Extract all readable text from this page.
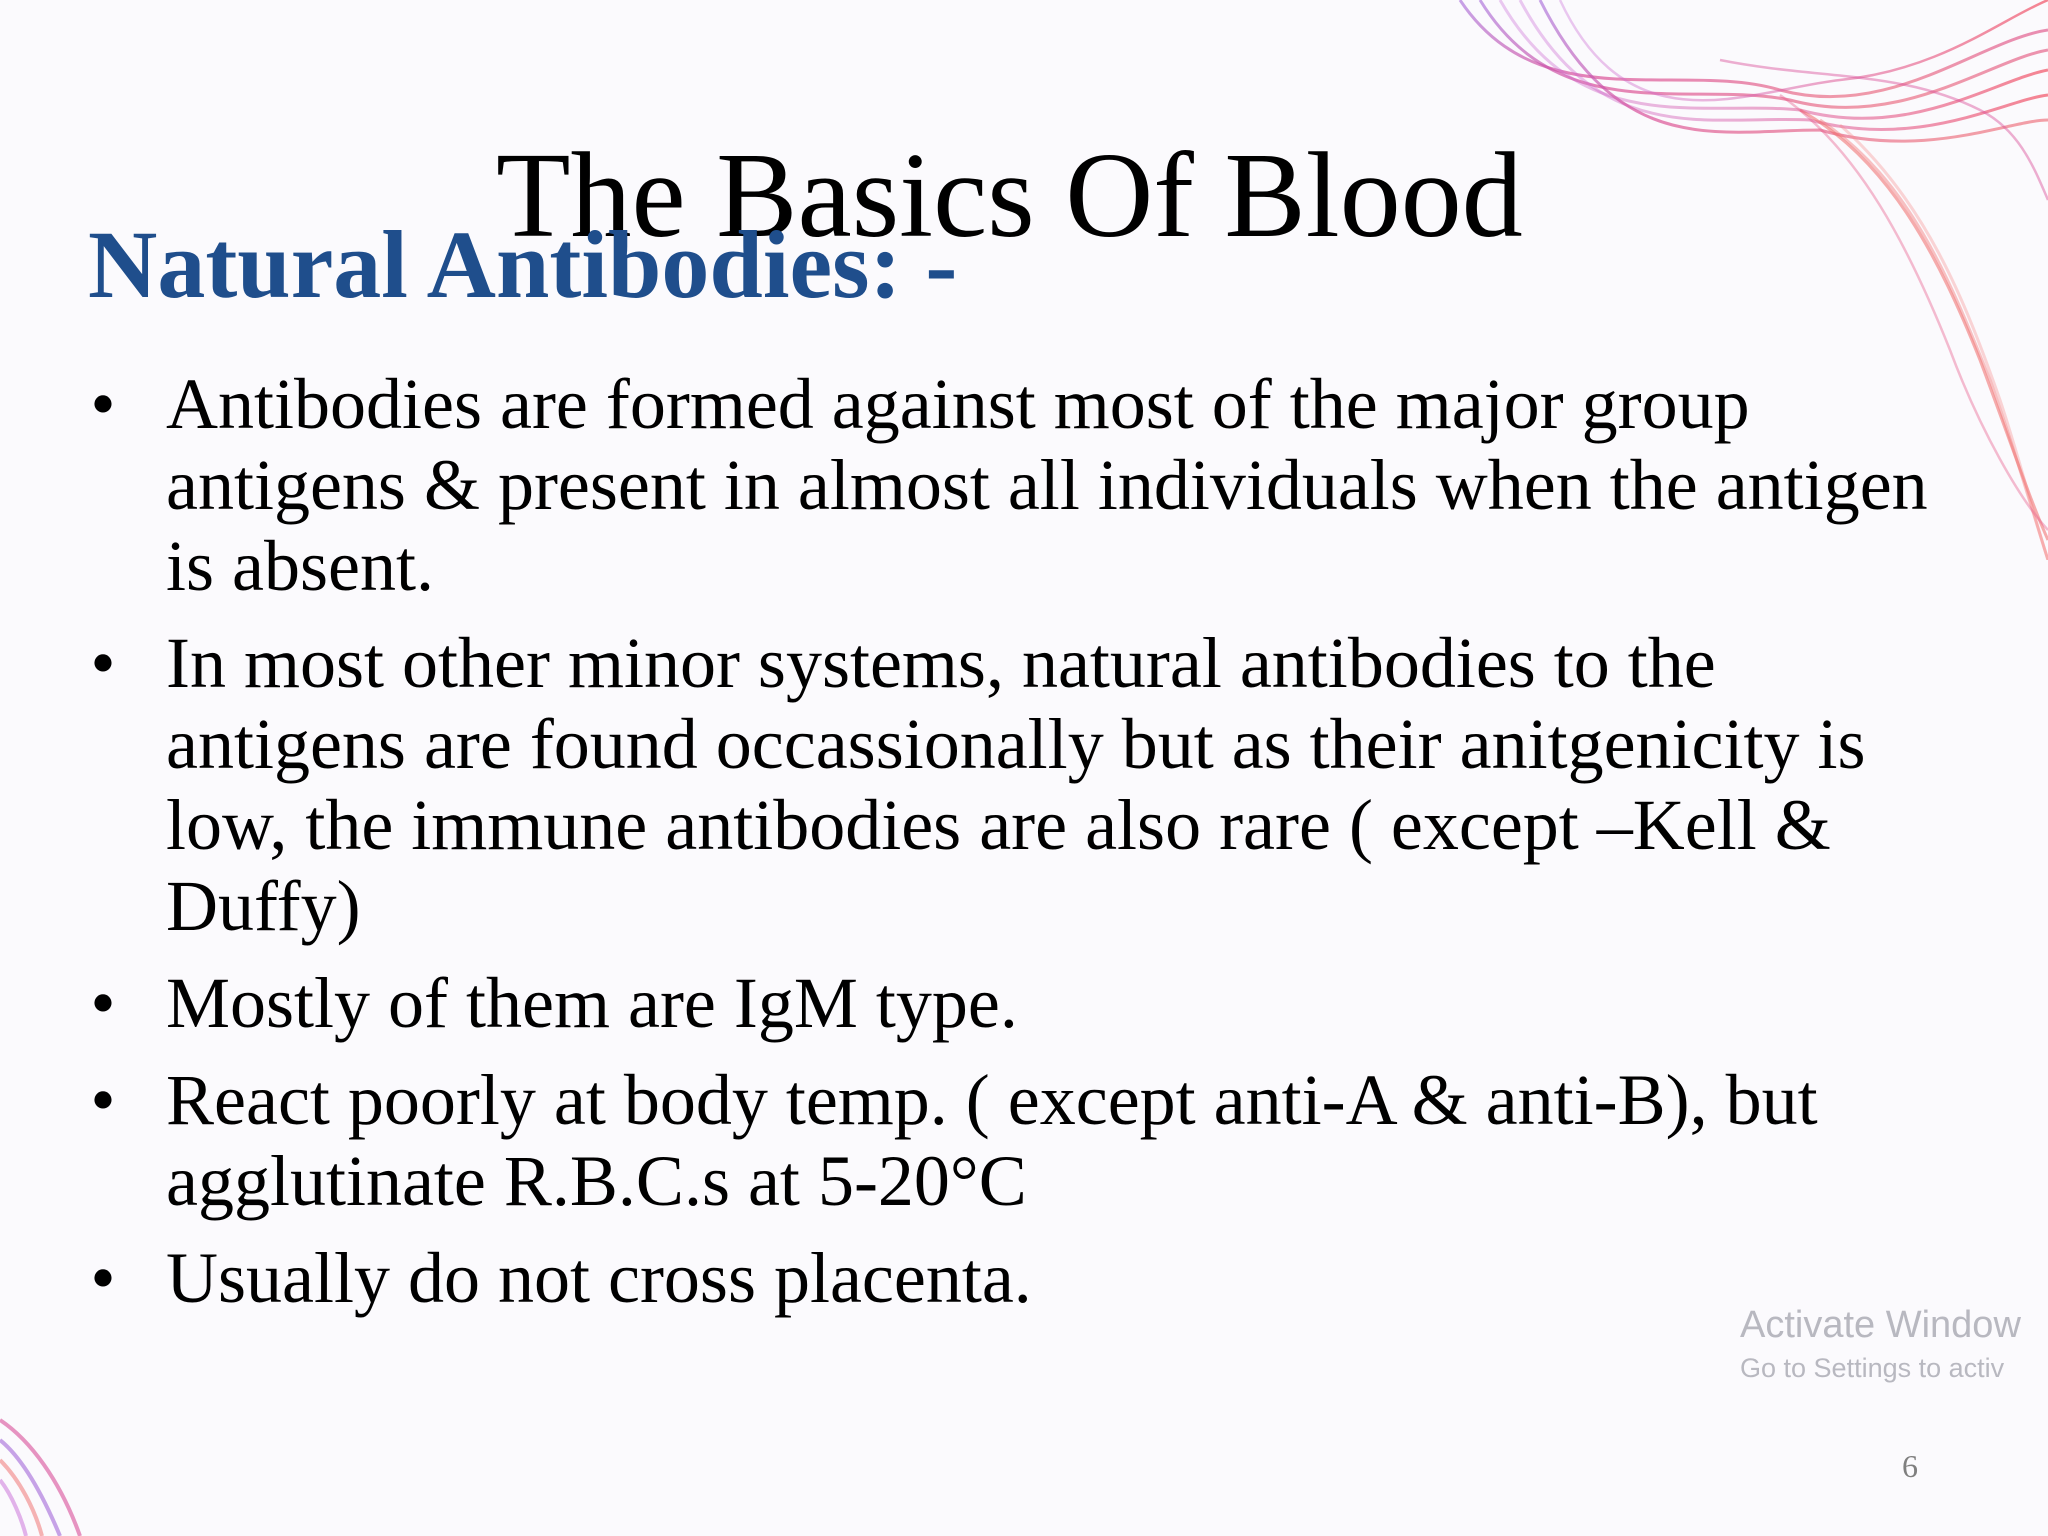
The Basics Of Blood
Natural Antibodies: -
• Antibodies are formed against most of the major group
antigens & present in almost all individuals when the antigen
is absent.
• In most other minor systems, natural antibodies to the
antigens are found occassionally but as their anitgenicity is
low, the immune antibodies are also rare ( except –Kell &
Duffy)
• Mostly of them are IgM type.
• React poorly at body temp. ( except anti-A & anti-B), but
agglutinate R.B.C.s at 5-20°C
• Usually do not cross placenta.
Activate Window
Go to Settings to activ
6
